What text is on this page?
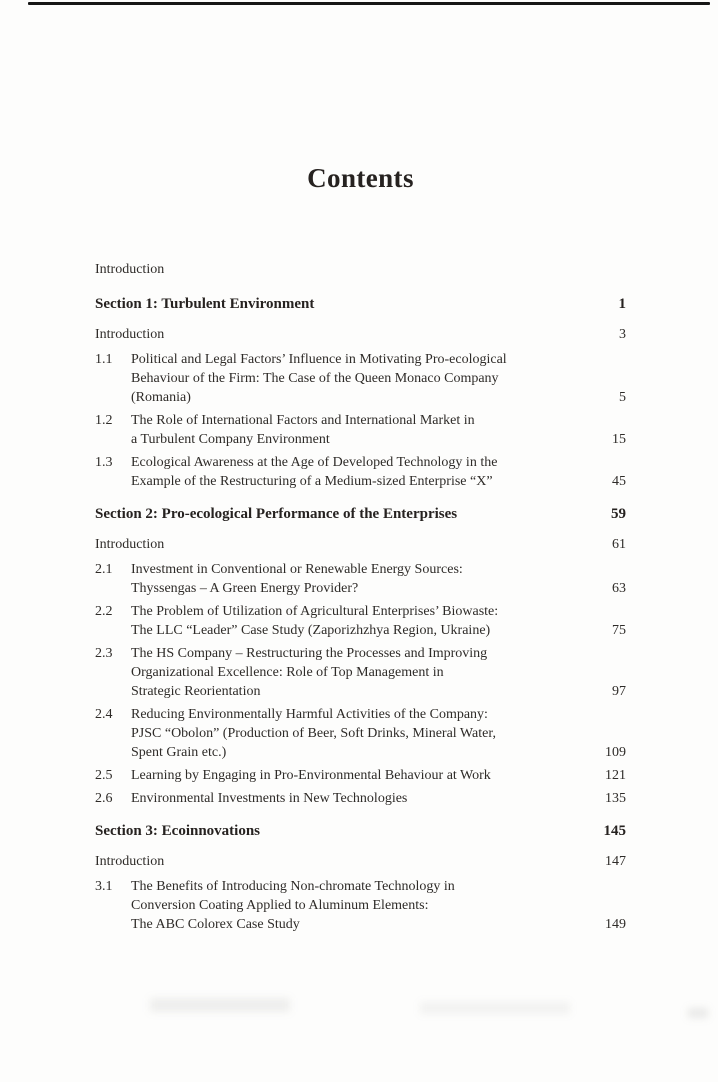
Contents
Introduction
Section 1: Turbulent Environment	1
Introduction	3
1.1	Political and Legal Factors’ Influence in Motivating Pro-ecological
Behaviour of the Firm: The Case of the Queen Monaco Company
(Romania)	5
1.2	The Role of International Factors and International Market in
a Turbulent Company Environment	15
1.3	Ecological Awareness at the Age of Developed Technology in the
Example of the Restructuring of a Medium-sized Enterprise “X”	45
Section 2: Pro-ecological Performance of the Enterprises	59
Introduction	61
2.1	Investment in Conventional or Renewable Energy Sources:
Thyssengas – A Green Energy Provider?	63
2.2	The Problem of Utilization of Agricultural Enterprises’ Biowaste:
The LLC “Leader” Case Study (Zaporizhzhya Region, Ukraine)	75
2.3	The HS Company – Restructuring the Processes and Improving
Organizational Excellence: Role of Top Management in
Strategic Reorientation	97
2.4	Reducing Environmentally Harmful Activities of the Company:
PJSC “Obolon” (Production of Beer, Soft Drinks, Mineral Water,
Spent Grain etc.)	109
2.5	Learning by Engaging in Pro-Environmental Behaviour at Work	121
2.6	Environmental Investments in New Technologies	135
Section 3: Ecoinnovations	145
Introduction	147
3.1	The Benefits of Introducing Non-chromate Technology in
Conversion Coating Applied to Aluminum Elements:
The ABC Colorex Case Study	149
